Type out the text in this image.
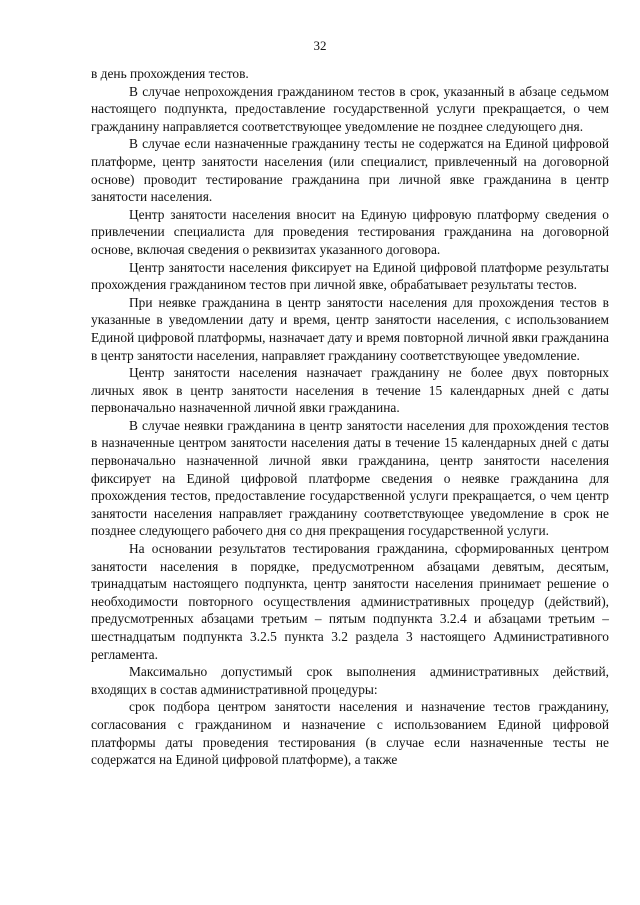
32

в день прохождения тестов.

В случае непрохождения гражданином тестов в срок, указанный в абзаце седьмом настоящего подпункта, предоставление государственной услуги прекращается, о чем гражданину направляется соответствующее уведомление не позднее следующего дня.

В случае если назначенные гражданину тесты не содержатся на Единой цифровой платформе, центр занятости населения (или специалист, привлеченный на договорной основе) проводит тестирование гражданина при личной явке гражданина в центр занятости населения.

Центр занятости населения вносит на Единую цифровую платформу сведения о привлечении специалиста для проведения тестирования гражданина на договорной основе, включая сведения о реквизитах указанного договора.

Центр занятости населения фиксирует на Единой цифровой платформе результаты прохождения гражданином тестов при личной явке, обрабатывает результаты тестов.

При неявке гражданина в центр занятости населения для прохождения тестов в указанные в уведомлении дату и время, центр занятости населения, с использованием Единой цифровой платформы, назначает дату и время повторной личной явки гражданина в центр занятости населения, направляет гражданину соответствующее уведомление.

Центр занятости населения назначает гражданину не более двух повторных личных явок в центр занятости населения в течение 15 календарных дней с даты первоначально назначенной личной явки гражданина.

В случае неявки гражданина в центр занятости населения для прохождения тестов в назначенные центром занятости населения даты в течение 15 календарных дней с даты первоначально назначенной личной явки гражданина, центр занятости населения фиксирует на Единой цифровой платформе сведения о неявке гражданина для прохождения тестов, предоставление государственной услуги прекращается, о чем центр занятости населения направляет гражданину соответствующее уведомление в срок не позднее следующего рабочего дня со дня прекращения государственной услуги.

На основании результатов тестирования гражданина, сформированных центром занятости населения в порядке, предусмотренном абзацами девятым, десятым, тринадцатым настоящего подпункта, центр занятости населения принимает решение о необходимости повторного осуществления административных процедур (действий), предусмотренных абзацами третьим – пятым подпункта 3.2.4 и абзацами третьим – шестнадцатым подпункта 3.2.5 пункта 3.2 раздела 3 настоящего Административного регламента.

Максимально допустимый срок выполнения административных действий, входящих в состав административной процедуры:

срок подбора центром занятости населения и назначение тестов гражданину, согласования с гражданином и назначение с использованием Единой цифровой платформы даты проведения тестирования (в случае если назначенные тесты не содержатся на Единой цифровой платформе), а также
